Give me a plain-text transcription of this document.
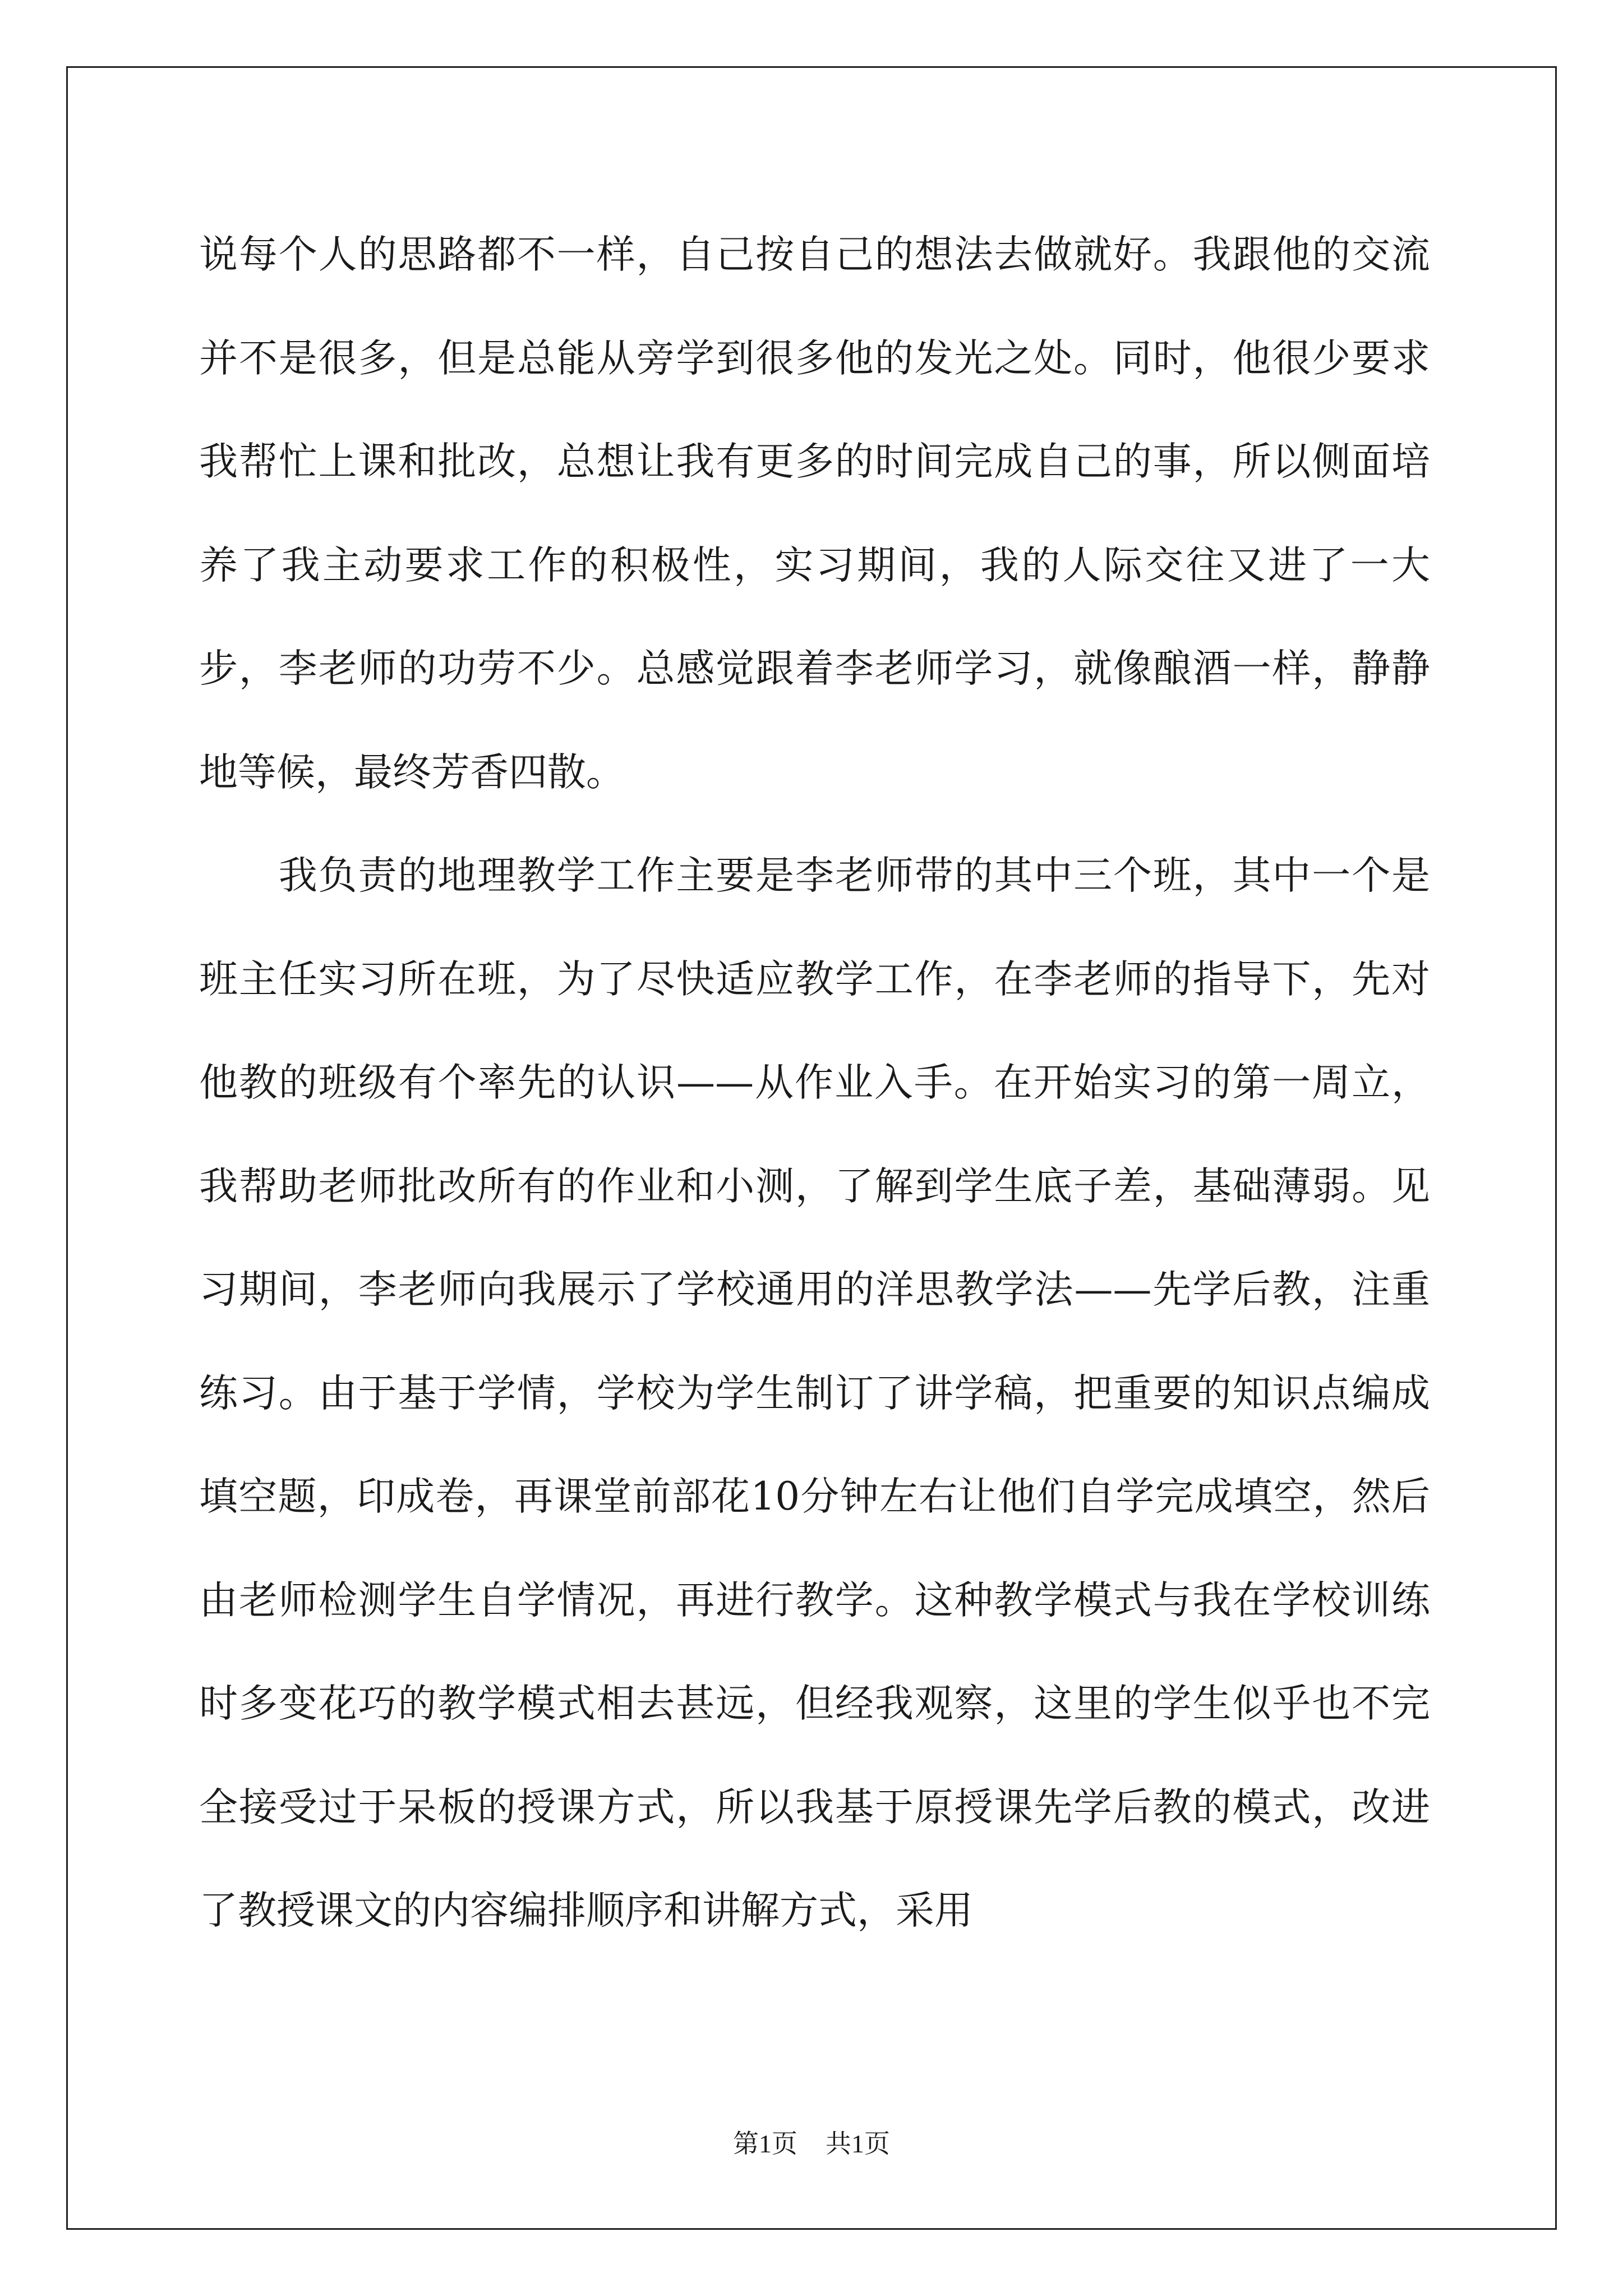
说每个人的思路都不一样，自己按自己的想法去做就好。我跟他的交流并不是很多，但是总能从旁学到很多他的发光之处。同时，他很少要求我帮忙上课和批改，总想让我有更多的时间完成自己的事，所以侧面培养了我主动要求工作的积极性，实习期间，我的人际交往又进了一大步，李老师的功劳不少。总感觉跟着李老师学习，就像酿酒一样，静静地等候，最终芳香四散。

　　我负责的地理教学工作主要是李老师带的其中三个班，其中一个是班主任实习所在班，为了尽快适应教学工作，在李老师的指导下，先对他教的班级有个率先的认识——从作业入手。在开始实习的第一周立，我帮助老师批改所有的作业和小测，了解到学生底子差，基础薄弱。见习期间，李老师向我展示了学校通用的洋思教学法——先学后教，注重练习。由于基于学情，学校为学生制订了讲学稿，把重要的知识点编成填空题，印成卷，再课堂前部花10分钟左右让他们自学完成填空，然后由老师检测学生自学情况，再进行教学。这种教学模式与我在学校训练时多变花巧的教学模式相去甚远，但经我观察，这里的学生似乎也不完全接受过于呆板的授课方式，所以我基于原授课先学后教的模式，改进了教授课文的内容编排顺序和讲解方式，采用

第1页 共1页
